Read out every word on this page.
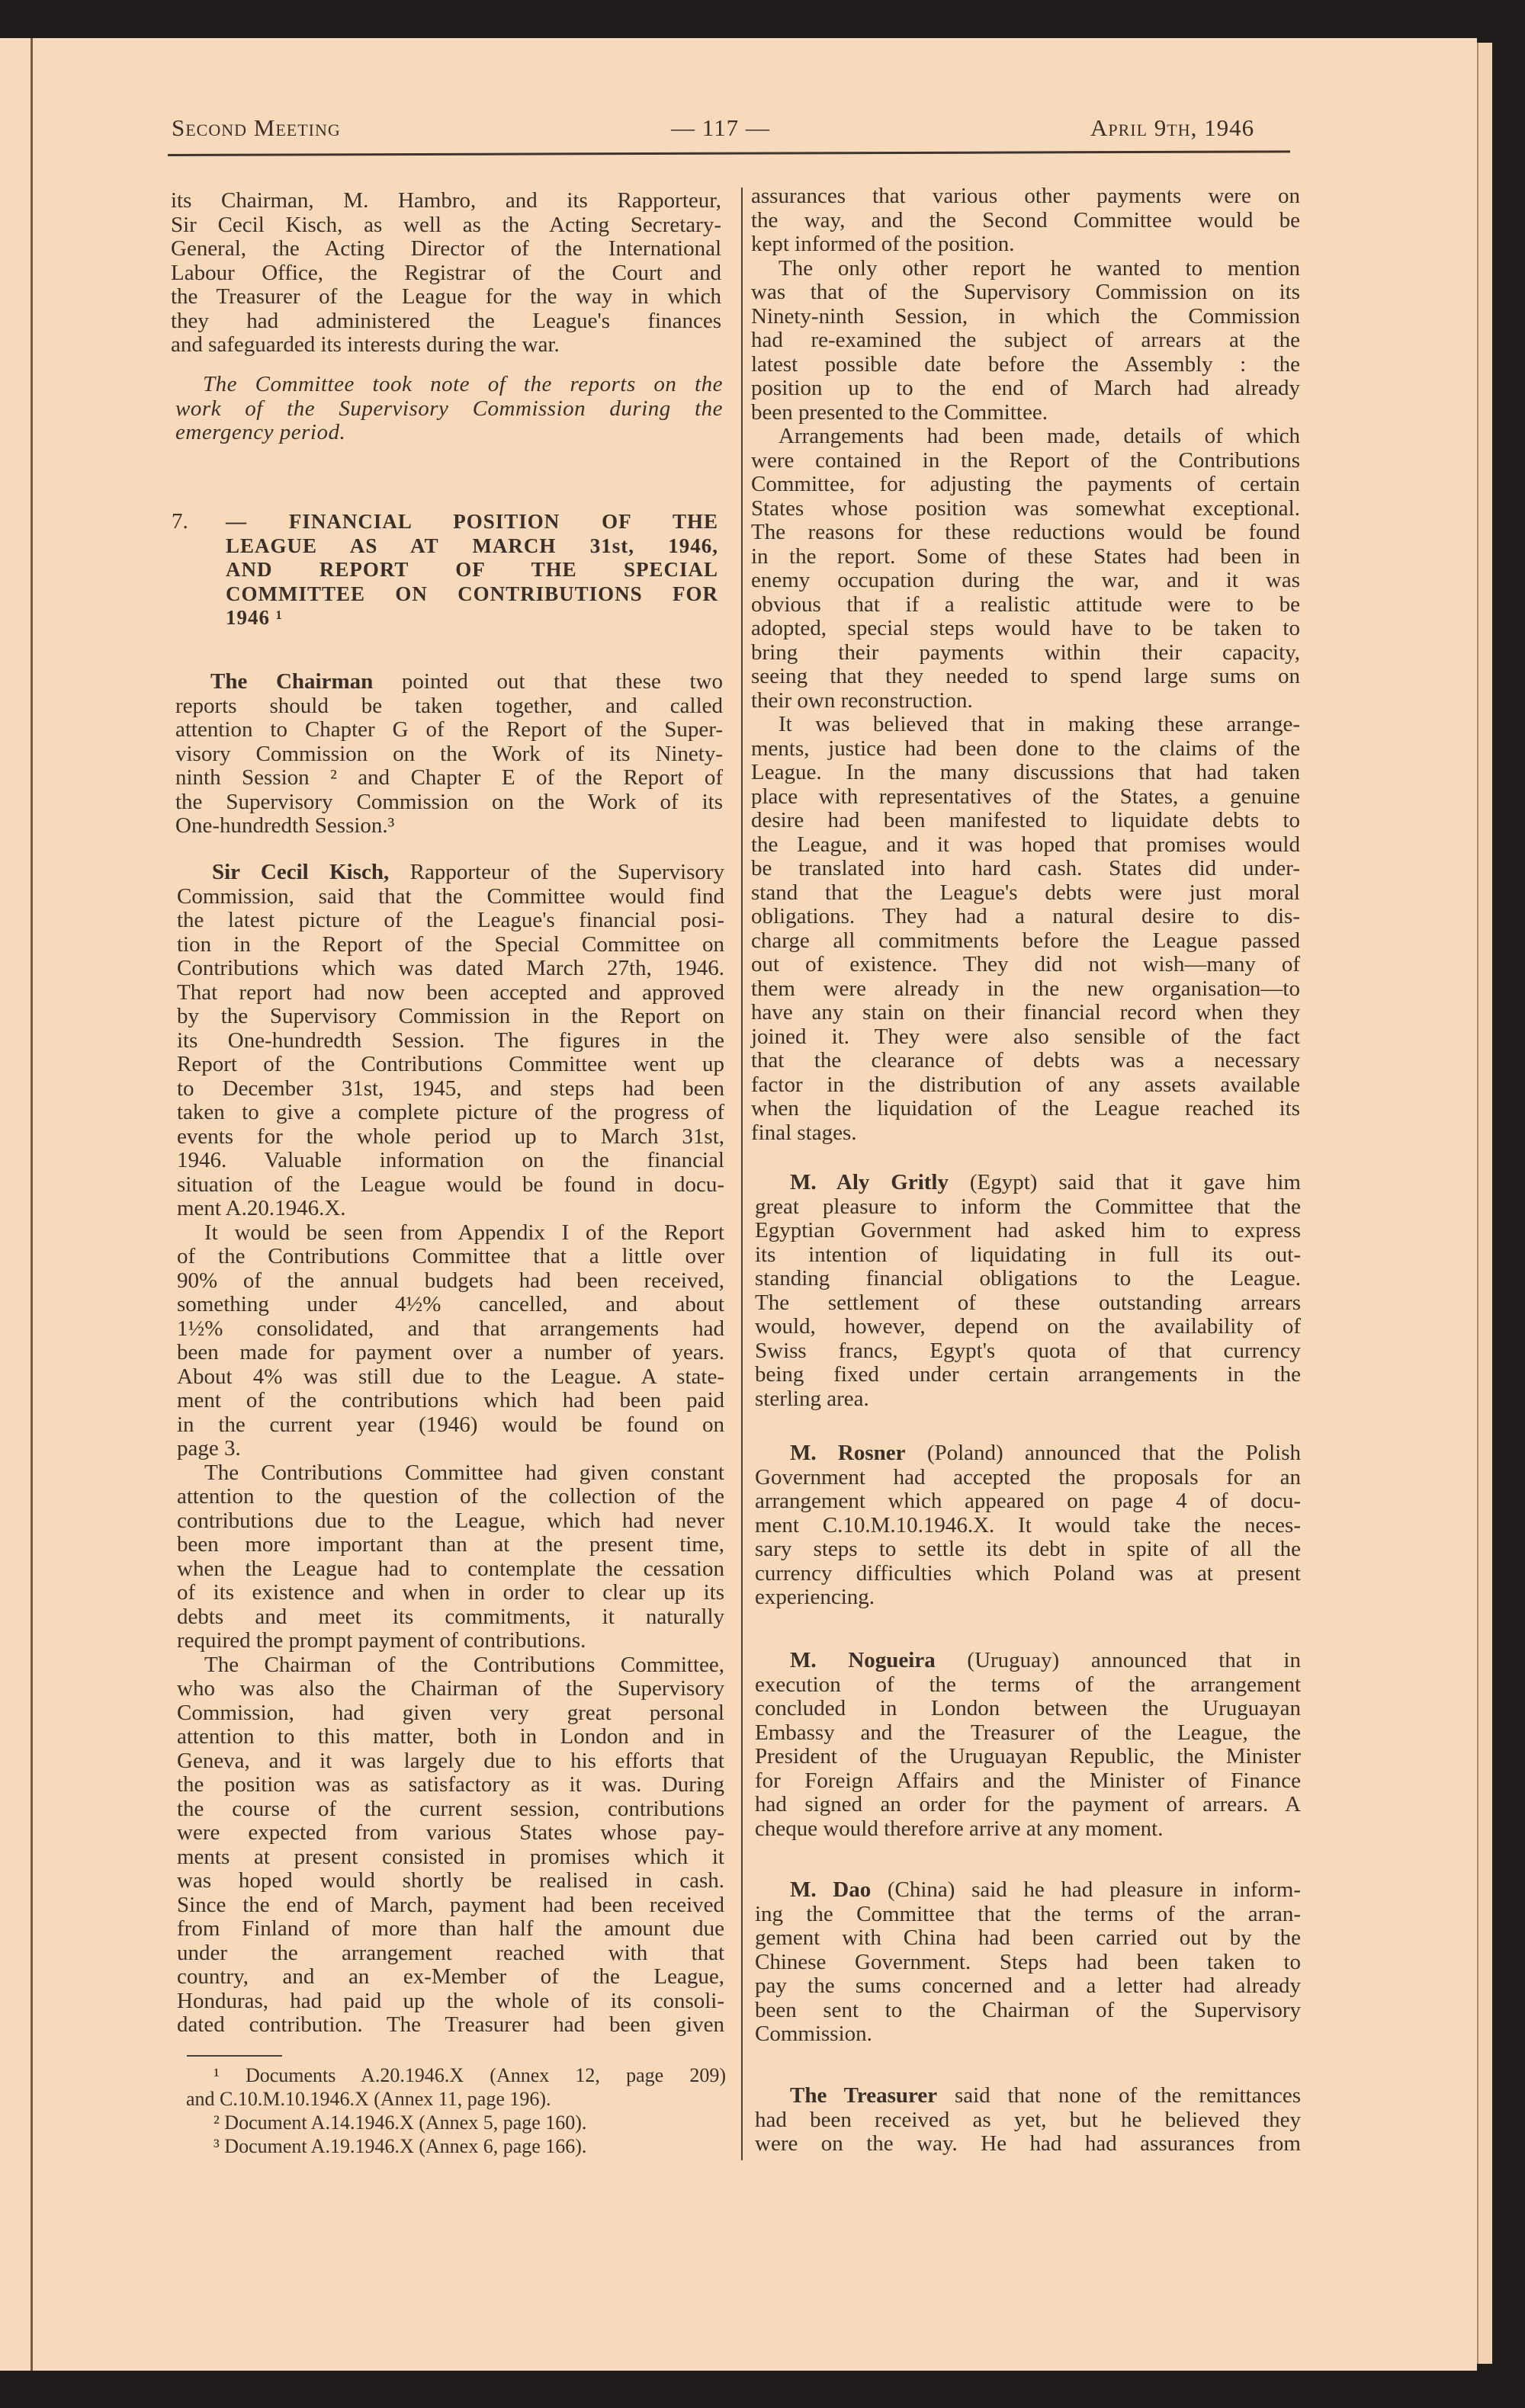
Second Meeting	— 117 —	April 9th, 1946
its Chairman, M. Hambro, and its Rapporteur,
Sir Cecil Kisch, as well as the Acting Secretary-
General, the Acting Director of the International
Labour Office, the Registrar of the Court and
the Treasurer of the League for the way in which
they had administered the League's finances
and safeguarded its interests during the war.
The Committee took note of the reports on the
work of the Supervisory Commission during the
emergency period.
7. — FINANCIAL POSITION OF THE
LEAGUE AS AT MARCH 31st, 1946,
AND REPORT OF THE SPECIAL
COMMITTEE ON CONTRIBUTIONS FOR
1946 ¹
The Chairman pointed out that these two
reports should be taken together, and called
attention to Chapter G of the Report of the Super-
visory Commission on the Work of its Ninety-
ninth Session ² and Chapter E of the Report of
the Supervisory Commission on the Work of its
One-hundredth Session.³
Sir Cecil Kisch, Rapporteur of the Supervisory
Commission, said that the Committee would find
the latest picture of the League's financial posi-
tion in the Report of the Special Committee on
Contributions which was dated March 27th, 1946.
That report had now been accepted and approved
by the Supervisory Commission in the Report on
its One-hundredth Session. The figures in the
Report of the Contributions Committee went up
to December 31st, 1945, and steps had been
taken to give a complete picture of the progress of
events for the whole period up to March 31st,
1946. Valuable information on the financial
situation of the League would be found in docu-
ment A.20.1946.X.
It would be seen from Appendix I of the Report
of the Contributions Committee that a little over
90% of the annual budgets had been received,
something under 4½% cancelled, and about
1½% consolidated, and that arrangements had
been made for payment over a number of years.
About 4% was still due to the League. A state-
ment of the contributions which had been paid
in the current year (1946) would be found on
page 3.
The Contributions Committee had given constant
attention to the question of the collection of the
contributions due to the League, which had never
been more important than at the present time,
when the League had to contemplate the cessation
of its existence and when in order to clear up its
debts and meet its commitments, it naturally
required the prompt payment of contributions.
The Chairman of the Contributions Committee,
who was also the Chairman of the Supervisory
Commission, had given very great personal
attention to this matter, both in London and in
Geneva, and it was largely due to his efforts that
the position was as satisfactory as it was. During
the course of the current session, contributions
were expected from various States whose pay-
ments at present consisted in promises which it
was hoped would shortly be realised in cash.
Since the end of March, payment had been received
from Finland of more than half the amount due
under the arrangement reached with that
country, and an ex-Member of the League,
Honduras, had paid up the whole of its consoli-
dated contribution. The Treasurer had been given
¹ Documents A.20.1946.X (Annex 12, page 209)
and C.10.M.10.1946.X (Annex 11, page 196).
² Document A.14.1946.X (Annex 5, page 160).
³ Document A.19.1946.X (Annex 6, page 166).
assurances that various other payments were on
the way, and the Second Committee would be
kept informed of the position.
The only other report he wanted to mention
was that of the Supervisory Commission on its
Ninety-ninth Session, in which the Commission
had re-examined the subject of arrears at the
latest possible date before the Assembly : the
position up to the end of March had already
been presented to the Committee.
Arrangements had been made, details of which
were contained in the Report of the Contributions
Committee, for adjusting the payments of certain
States whose position was somewhat exceptional.
The reasons for these reductions would be found
in the report. Some of these States had been in
enemy occupation during the war, and it was
obvious that if a realistic attitude were to be
adopted, special steps would have to be taken to
bring their payments within their capacity,
seeing that they needed to spend large sums on
their own reconstruction.
It was believed that in making these arrange-
ments, justice had been done to the claims of the
League. In the many discussions that had taken
place with representatives of the States, a genuine
desire had been manifested to liquidate debts to
the League, and it was hoped that promises would
be translated into hard cash. States did under-
stand that the League's debts were just moral
obligations. They had a natural desire to dis-
charge all commitments before the League passed
out of existence. They did not wish—many of
them were already in the new organisation—to
have any stain on their financial record when they
joined it. They were also sensible of the fact
that the clearance of debts was a necessary
factor in the distribution of any assets available
when the liquidation of the League reached its
final stages.
M. Aly Gritly (Egypt) said that it gave him
great pleasure to inform the Committee that the
Egyptian Government had asked him to express
its intention of liquidating in full its out-
standing financial obligations to the League.
The settlement of these outstanding arrears
would, however, depend on the availability of
Swiss francs, Egypt's quota of that currency
being fixed under certain arrangements in the
sterling area.
M. Rosner (Poland) announced that the Polish
Government had accepted the proposals for an
arrangement which appeared on page 4 of docu-
ment C.10.M.10.1946.X. It would take the neces-
sary steps to settle its debt in spite of all the
currency difficulties which Poland was at present
experiencing.
M. Nogueira (Uruguay) announced that in
execution of the terms of the arrangement
concluded in London between the Uruguayan
Embassy and the Treasurer of the League, the
President of the Uruguayan Republic, the Minister
for Foreign Affairs and the Minister of Finance
had signed an order for the payment of arrears. A
cheque would therefore arrive at any moment.
M. Dao (China) said he had pleasure in inform-
ing the Committee that the terms of the arran-
gement with China had been carried out by the
Chinese Government. Steps had been taken to
pay the sums concerned and a letter had already
been sent to the Chairman of the Supervisory
Commission.
The Treasurer said that none of the remittances
had been received as yet, but he believed they
were on the way. He had had assurances from
